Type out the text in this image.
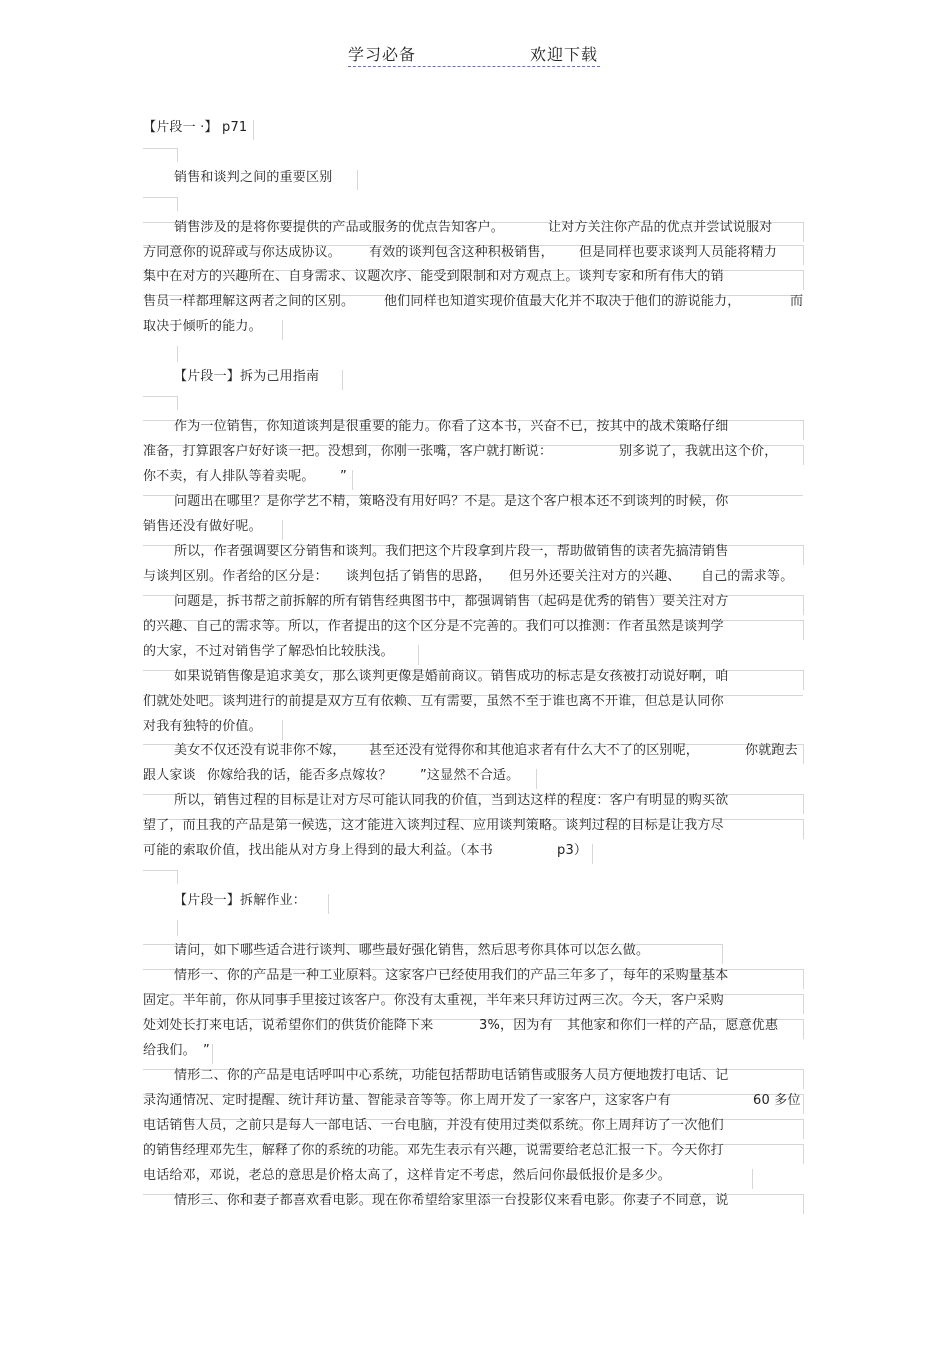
学习必备	欢迎下载
【片段一 ·】 p71
销售和谈判之间的重要区别
销售涉及的是将你要提供的产品或服务的优点告知客户。	让对方关注你产品的优点并尝试说服对
方同意你的说辞或与你达成协议。 有效的谈判包含这种积极销售， 但是同样也要求谈判人员能将精力
集中在对方的兴趣所在、自身需求、议题次序、能受到限制和对方观点上。谈判专家和所有伟大的销
售员一样都理解这两者之间的区别。 他们同样也知道实现价值最大化并不取决于他们的游说能力，	而
取决于倾听的能力。
【片段一】拆为己用指南
作为一位销售，你知道谈判是很重要的能力。你看了这本书，兴奋不已，按其中的战术策略仔细
准备，打算跟客户好好谈一把。没想到，你刚一张嘴，客户就打断说：	别多说了，我就出这个价，
你不卖，有人排队等着卖呢。 ”
问题出在哪里？是你学艺不精，策略没有用好吗？不是。是这个客户根本还不到谈判的时候，你
销售还没有做好呢。
所以，作者强调要区分销售和谈判。我们把这个片段拿到片段一，帮助做销售的读者先搞清销售
与谈判区别。作者给的区分是： 谈判包括了销售的思路， 但另外还要关注对方的兴趣、 自己的需求等。
问题是，拆书帮之前拆解的所有销售经典图书中，都强调销售（起码是优秀的销售）要关注对方
的兴趣、自己的需求等。所以，作者提出的这个区分是不完善的。我们可以推测：作者虽然是谈判学
的大家，不过对销售学了解恐怕比较肤浅。
如果说销售像是追求美女，那么谈判更像是婚前商议。销售成功的标志是女孩被打动说好啊，咱
们就处处吧。谈判进行的前提是双方互有依赖、互有需要，虽然不至于谁也离不开谁，但总是认同你
对我有独特的价值。
美女不仅还没有说非你不嫁， 甚至还没有觉得你和其他追求者有什么大不了的区别呢，	你就跑去
跟人家谈 你嫁给我的话，能否多点嫁妆？ ”这显然不合适。
所以，销售过程的目标是让对方尽可能认同我的价值，当到达这样的程度：客户有明显的购买欲
望了，而且我的产品是第一候选，这才能进入谈判过程、应用谈判策略。谈判过程的目标是让我方尽
可能的索取价值，找出能从对方身上得到的最大利益。（本书	p3）
【片段一】拆解作业：
请问，如下哪些适合进行谈判、哪些最好强化销售，然后思考你具体可以怎么做。
情形一、你的产品是一种工业原料。这家客户已经使用我们的产品三年多了，每年的采购量基本
固定。半年前，你从同事手里接过该客户。你没有太重视，半年来只拜访过两三次。今天，客户采购
处刘处长打来电话，说希望你们的供货价能降下来	3%，因为有 其他家和你们一样的产品，愿意优惠
给我们。 ”
情形二、你的产品是电话呼叫中心系统，功能包括帮助电话销售或服务人员方便地拨打电话、记
录沟通情况、定时提醒、统计拜访量、智能录音等等。你上周开发了一家客户，这家客户有	60 多位
电话销售人员，之前只是每人一部电话、一台电脑，并没有使用过类似系统。你上周拜访了一次他们
的销售经理邓先生，解释了你的系统的功能。邓先生表示有兴趣，说需要给老总汇报一下。今天你打
电话给邓，邓说，老总的意思是价格太高了，这样肯定不考虑，然后问你最低报价是多少。
情形三、你和妻子都喜欢看电影。现在你希望给家里添一台投影仪来看电影。你妻子不同意，说
